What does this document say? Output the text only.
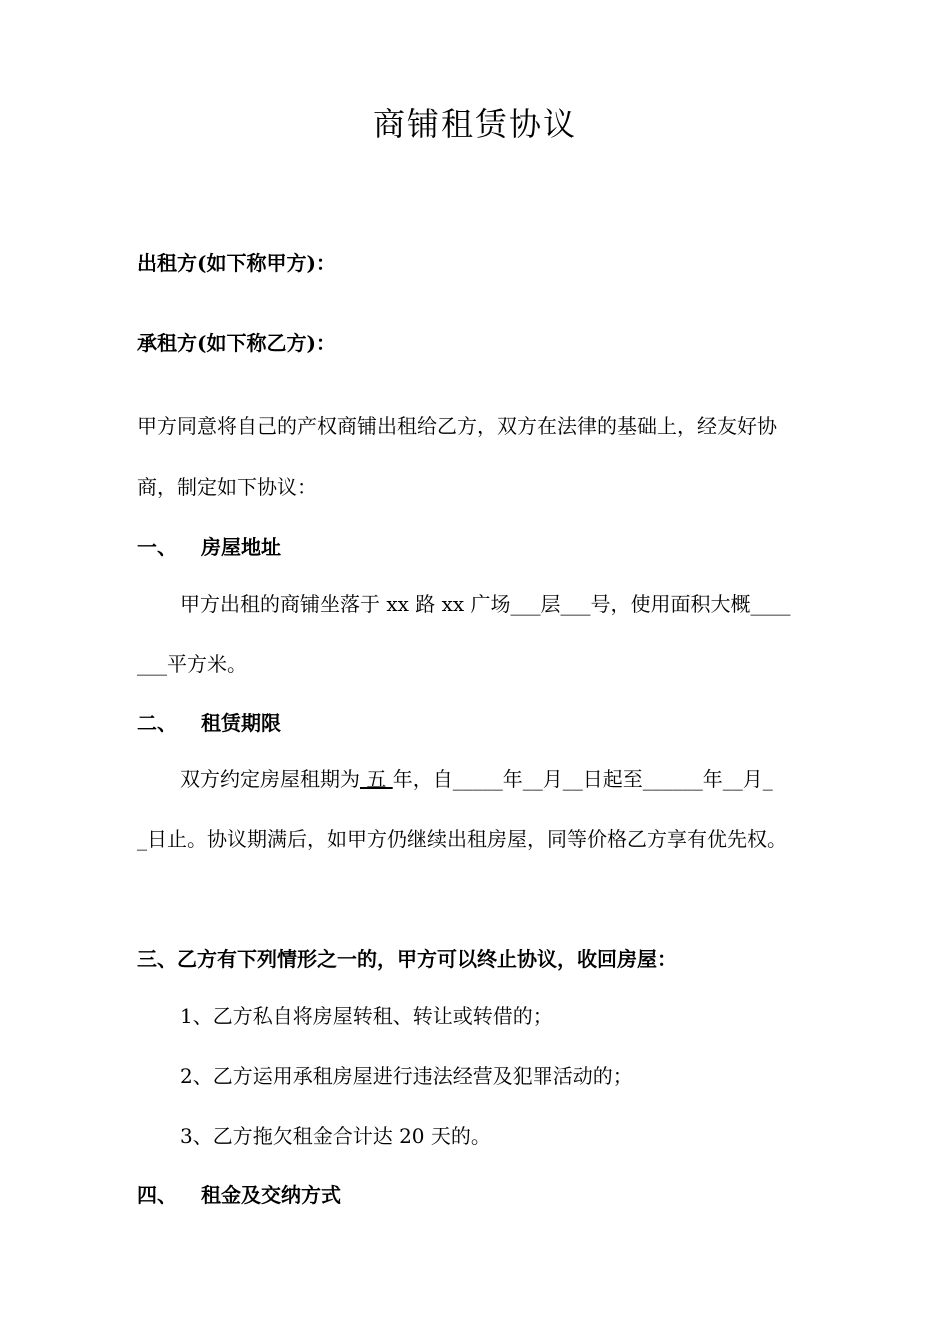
商铺租赁协议
出租方(如下称甲方)：
承租方(如下称乙方)：
甲方同意将自己的产权商铺出租给乙方，双方在法律的基础上，经友好协
商，制定如下协议：
一、 房屋地址
甲方出租的商铺坐落于 xx 路 xx 广场___层___号，使用面积大概____
___平方米。
二、 租赁期限
双方约定房屋租期为 五 年，自_____年__月__日起至______年__月_
_日止。协议期满后，如甲方仍继续出租房屋，同等价格乙方享有优先权。
三、乙方有下列情形之一的，甲方可以终止协议，收回房屋：
1、乙方私自将房屋转租、转让或转借的；
2、乙方运用承租房屋进行违法经营及犯罪活动的；
3、乙方拖欠租金合计达 20 天的。
四、 租金及交纳方式
